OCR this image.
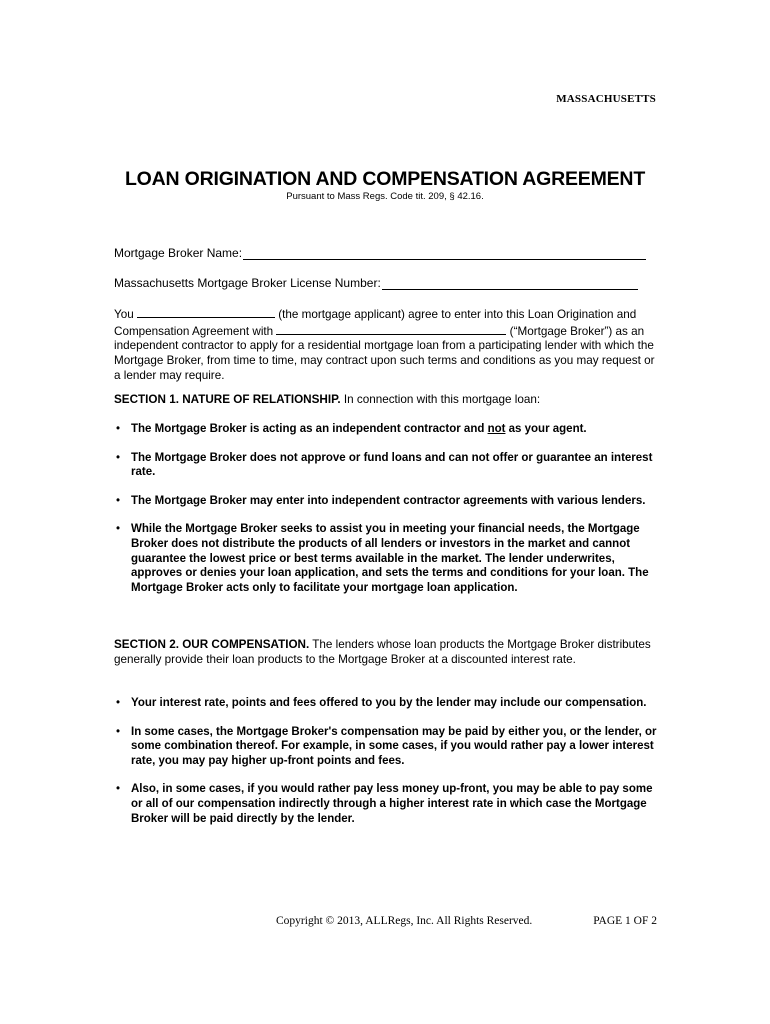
MASSACHUSETTS
LOAN ORIGINATION AND COMPENSATION AGREEMENT
Pursuant to Mass Regs. Code tit. 209, § 42.16.
Mortgage Broker Name:
Massachusetts Mortgage Broker License Number:

You	(the mortgage applicant) agree to enter into this Loan Origination and Compensation Agreement with	(“Mortgage Broker”) as an independent contractor to apply for a residential mortgage loan from a participating lender with which the Mortgage Broker, from time to time, may contract upon such terms and conditions as you may request or a lender may require.

SECTION 1. NATURE OF RELATIONSHIP. In connection with this mortgage loan:

• The Mortgage Broker is acting as an independent contractor and not as your agent.
• The Mortgage Broker does not approve or fund loans and can not offer or guarantee an interest rate.
• The Mortgage Broker may enter into independent contractor agreements with various lenders.
• While the Mortgage Broker seeks to assist you in meeting your financial needs, the Mortgage Broker does not distribute the products of all lenders or investors in the market and cannot guarantee the lowest price or best terms available in the market. The lender underwrites, approves or denies your loan application, and sets the terms and conditions for your loan. The Mortgage Broker acts only to facilitate your mortgage loan application.

SECTION 2. OUR COMPENSATION. The lenders whose loan products the Mortgage Broker distributes generally provide their loan products to the Mortgage Broker at a discounted interest rate.

• Your interest rate, points and fees offered to you by the lender may include our compensation.
• In some cases, the Mortgage Broker's compensation may be paid by either you, or the lender, or some combination thereof. For example, in some cases, if you would rather pay a lower interest rate, you may pay higher up-front points and fees.
• Also, in some cases, if you would rather pay less money up-front, you may be able to pay some or all of our compensation indirectly through a higher interest rate in which case the Mortgage Broker will be paid directly by the lender.
Copyright © 2013, ALLRegs, Inc. All Rights Reserved.	PAGE 1 OF 2
